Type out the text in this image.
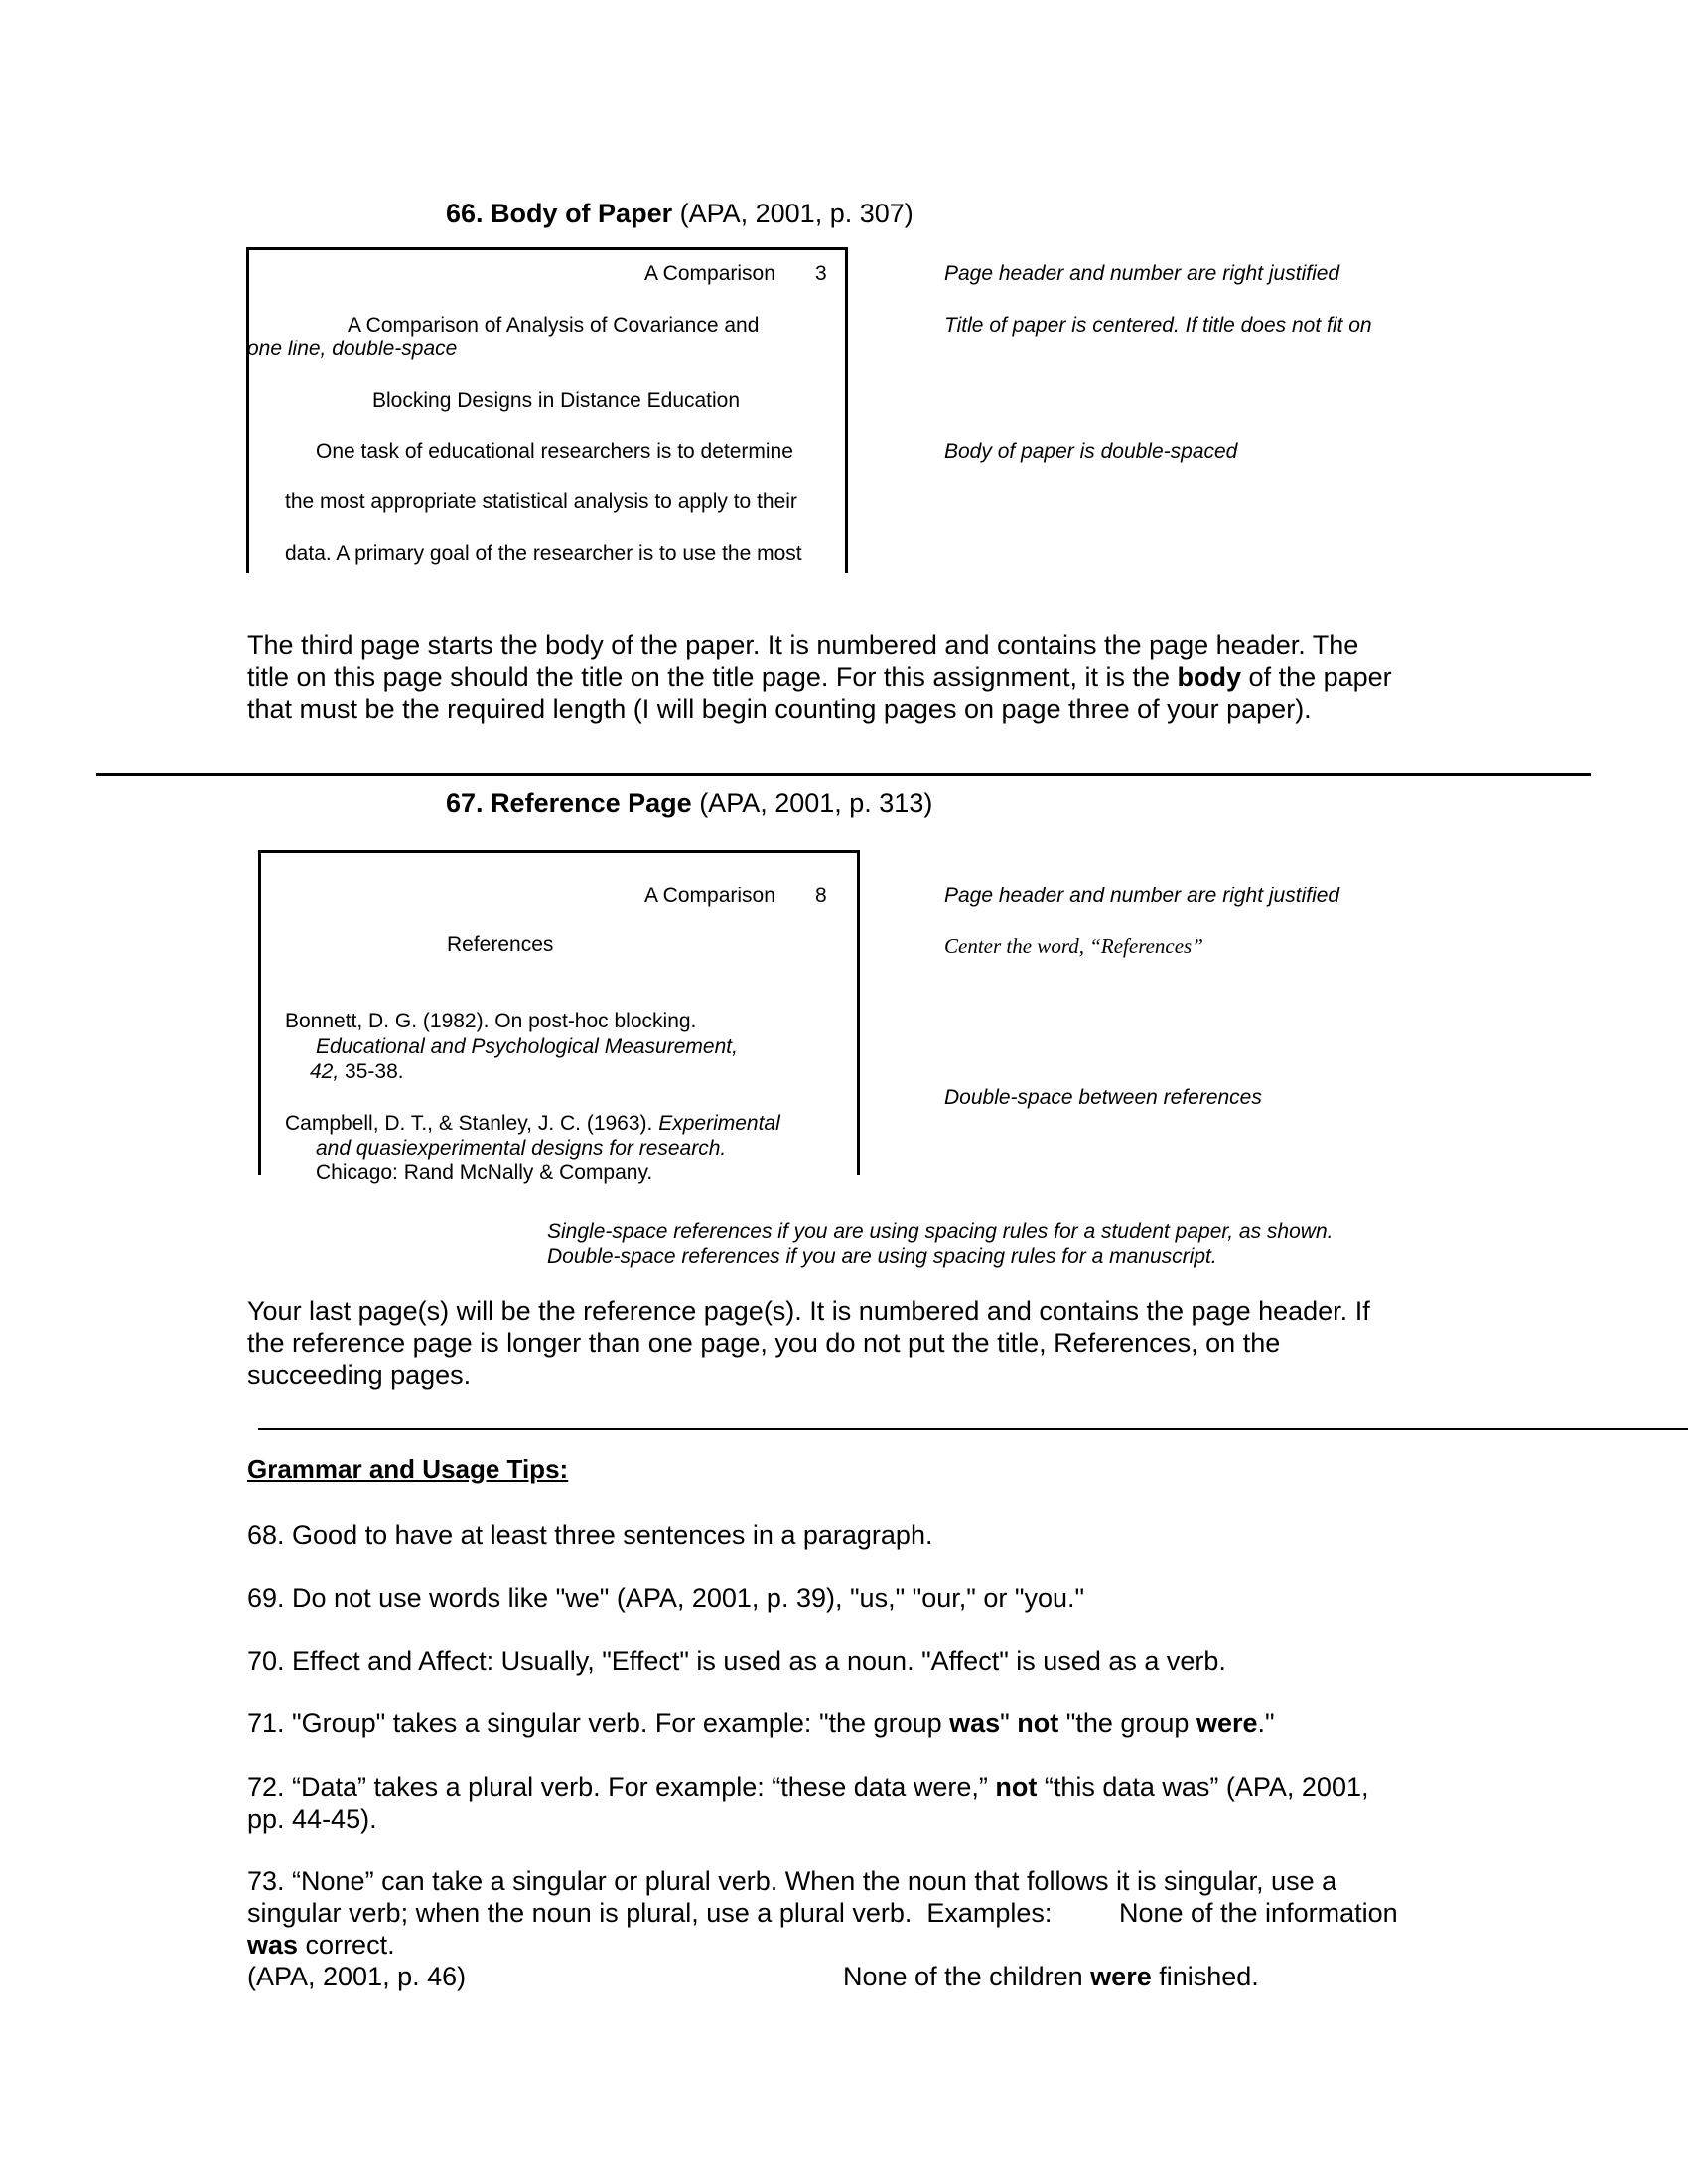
66. Body of Paper (APA, 2001, p. 307)
A Comparison 3
A Comparison of Analysis of Covariance and
one line, double-space
Blocking Designs in Distance Education
One task of educational researchers is to determine
the most appropriate statistical analysis to apply to their
data. A primary goal of the researcher is to use the most
Page header and number are right justified
Title of paper is centered. If title does not fit on
Body of paper is double-spaced
The third page starts the body of the paper. It is numbered and contains the page header. The
title on this page should the title on the title page. For this assignment, it is the body of the paper
that must be the required length (I will begin counting pages on page three of your paper).
67. Reference Page (APA, 2001, p. 313)
A Comparison 8
References
Bonnett, D. G. (1982). On post-hoc blocking.
Educational and Psychological Measurement,
42, 35-38.
Campbell, D. T., & Stanley, J. C. (1963). Experimental
and quasiexperimental designs for research.
Chicago: Rand McNally & Company.
Page header and number are right justified
Center the word, “References”
Double-space between references
Single-space references if you are using spacing rules for a student paper, as shown.
Double-space references if you are using spacing rules for a manuscript.
Your last page(s) will be the reference page(s). It is numbered and contains the page header. If
the reference page is longer than one page, you do not put the title, References, on the
succeeding pages.
Grammar and Usage Tips:
68. Good to have at least three sentences in a paragraph.
69. Do not use words like "we" (APA, 2001, p. 39), "us," "our," or "you."
70. Effect and Affect: Usually, "Effect" is used as a noun. "Affect" is used as a verb.
71. "Group" takes a singular verb. For example: "the group was" not "the group were."
72. “Data” takes a plural verb. For example: “these data were,” not “this data was” (APA, 2001,
pp. 44-45).
73. “None” can take a singular or plural verb. When the noun that follows it is singular, use a
singular verb; when the noun is plural, use a plural verb.  Examples:         None of the information
was correct.
(APA, 2001, p. 46)	None of the children were finished.
